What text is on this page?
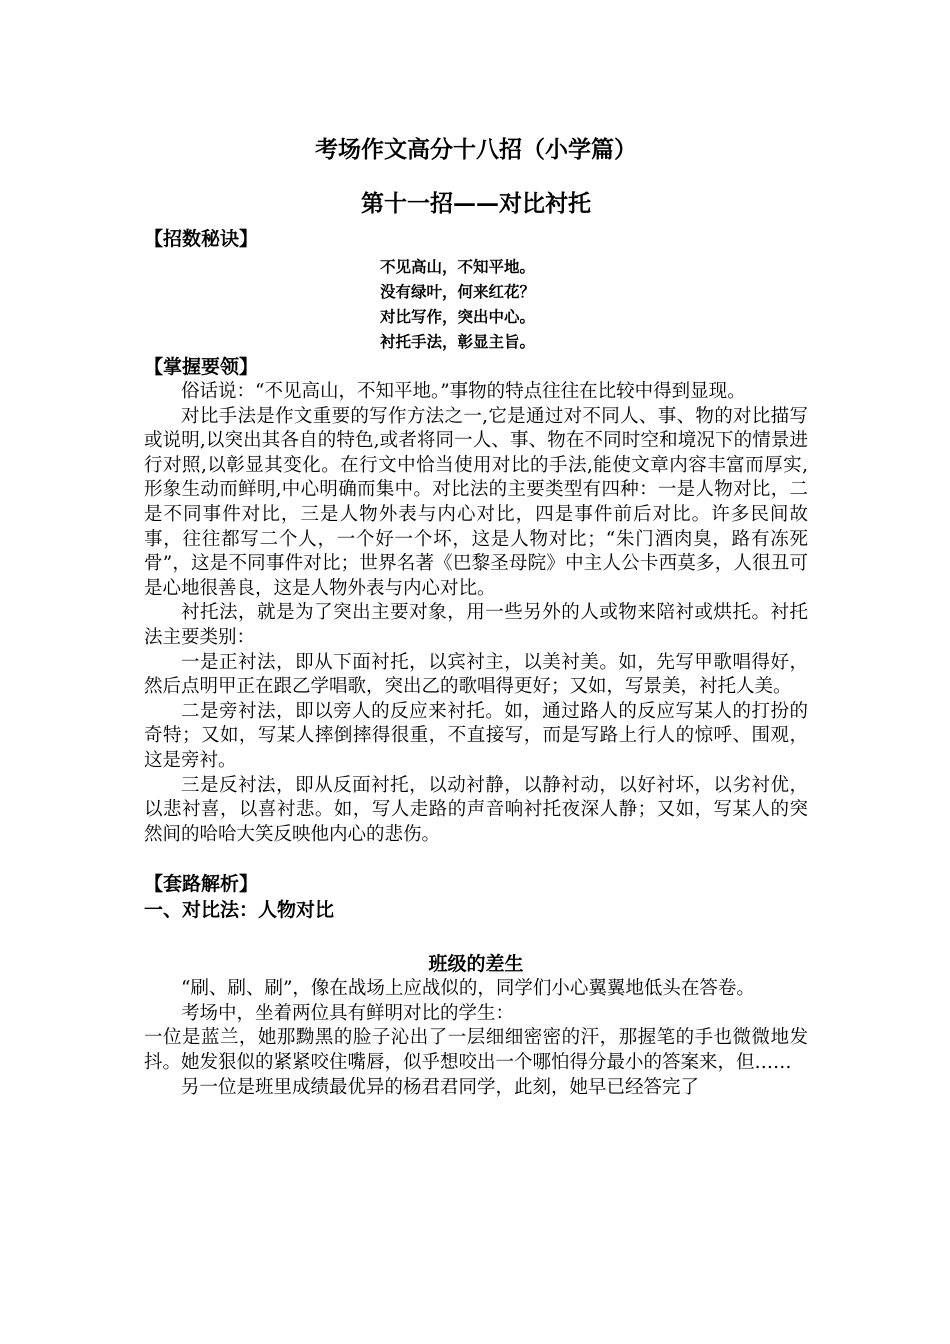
考场作文高分十八招（小学篇）

第十一招——对比衬托

【招数秘诀】

不见高山，不知平地。

没有绿叶，何来红花？

对比写作，突出中心。

衬托手法，彰显主旨。

【掌握要领】

俗话说：“不见高山，不知平地。”事物的特点往往在比较中得到显现。

对比手法是作文重要的写作方法之一,它是通过对不同人、事、物的对比描写或说明,以突出其各自的特色,或者将同一人、事、物在不同时空和境况下的情景进行对照,以彰显其变化。在行文中恰当使用对比的手法,能使文章内容丰富而厚实,形象生动而鲜明,中心明确而集中。对比法的主要类型有四种：一是人物对比，二是不同事件对比，三是人物外表与内心对比，四是事件前后对比。许多民间故事，往往都写二个人，一个好一个坏，这是人物对比；“朱门酒肉臭，路有冻死骨”，这是不同事件对比；世界名著《巴黎圣母院》中主人公卡西莫多，人很丑可是心地很善良，这是人物外表与内心对比。

衬托法，就是为了突出主要对象，用一些另外的人或物来陪衬或烘托。衬托法主要类别：

一是正衬法，即从下面衬托，以宾衬主，以美衬美。如，先写甲歌唱得好，然后点明甲正在跟乙学唱歌，突出乙的歌唱得更好；又如，写景美，衬托人美。

二是旁衬法，即以旁人的反应来衬托。如，通过路人的反应写某人的打扮的奇特；又如，写某人摔倒摔得很重，不直接写，而是写路上行人的惊呼、围观，这是旁衬。

三是反衬法，即从反面衬托，以动衬静，以静衬动，以好衬坏，以劣衬优，以悲衬喜，以喜衬悲。如，写人走路的声音响衬托夜深人静；又如，写某人的突然间的哈哈大笑反映他内心的悲伤。

【套路解析】

一、对比法：人物对比

班级的差生

“刷、刷、刷”，像在战场上应战似的，同学们小心翼翼地低头在答卷。

考场中，坐着两位具有鲜明对比的学生：

一位是蓝兰，她那黝黑的脸子沁出了一层细细密密的汗，那握笔的手也微微地发抖。她发狠似的紧紧咬住嘴唇，似乎想咬出一个哪怕得分最小的答案来，但……

另一位是班里成绩最优异的杨君君同学，此刻，她早已经答完了
